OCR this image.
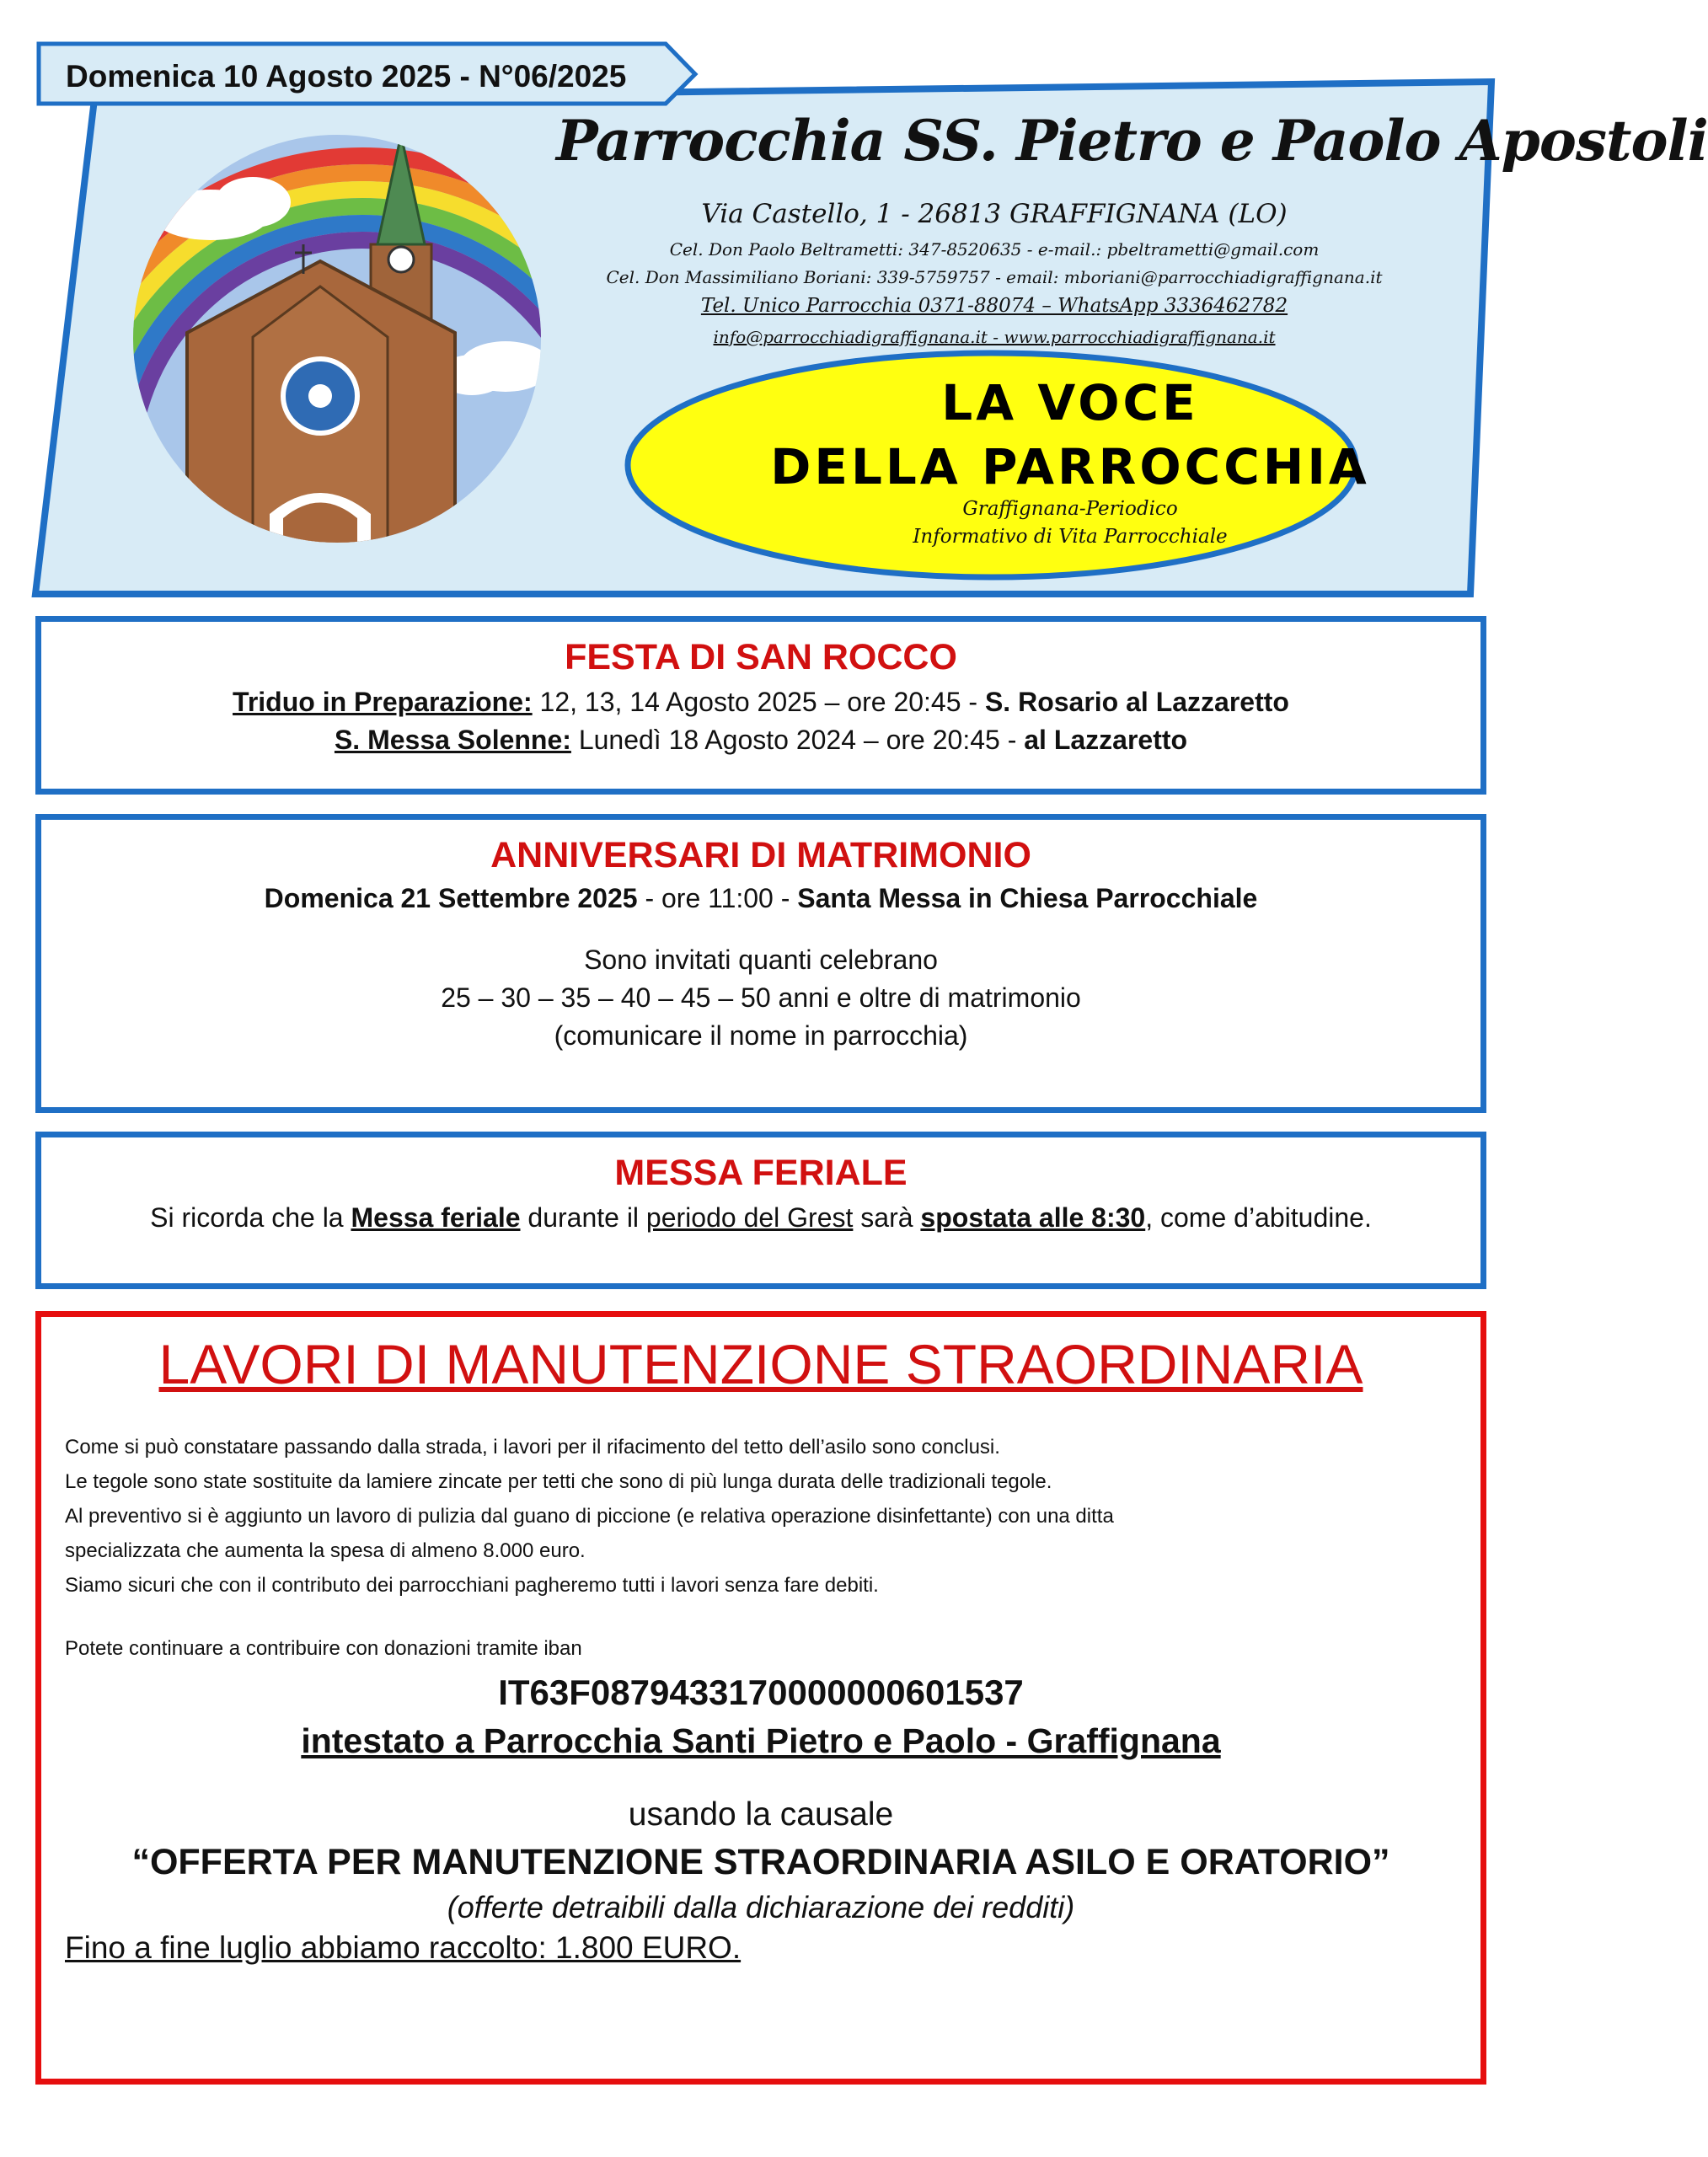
Domenica 10 Agosto 2025 - N°06/2025
Parrocchia SS. Pietro e Paolo Apostoli
Via Castello, 1 - 26813 GRAFFIGNANA (LO)
Cel. Don Paolo Beltrametti: 347-8520635 - e-mail.: pbeltrametti@gmail.com
Cel. Don Massimiliano Boriani: 339-5759757 - email: mboriani@parrocchiadigraffignana.it
Tel. Unico Parrocchia 0371-88074 – WhatsApp 3336462782
info@parrocchiadigraffignana.it - www.parrocchiadigraffignana.it
LA VOCE
DELLA PARROCCHIA
Graffignana-Periodico
Informativo di Vita Parrocchiale
FESTA DI SAN ROCCO
Triduo in Preparazione: 12, 13, 14 Agosto 2025 – ore 20:45 - S. Rosario al Lazzaretto
S. Messa Solenne: Lunedì 18 Agosto 2024 – ore 20:45 - al Lazzaretto
ANNIVERSARI DI MATRIMONIO
Domenica 21 Settembre 2025 - ore 11:00 - Santa Messa in Chiesa Parrocchiale
Sono invitati quanti celebrano
25 – 30 – 35 – 40 – 45 – 50 anni e oltre di matrimonio
(comunicare il nome in parrocchia)
MESSA FERIALE
Si ricorda che la Messa feriale durante il periodo del Grest sarà spostata alle 8:30, come d’abitudine.
LAVORI DI MANUTENZIONE STRAORDINARIA
Come si può constatare passando dalla strada, i lavori per il rifacimento del tetto dell’asilo sono conclusi.
Le tegole sono state sostituite da lamiere zincate per tetti che sono di più lunga durata delle tradizionali tegole.
Al preventivo si è aggiunto un lavoro di pulizia dal guano di piccione (e relativa operazione disinfettante) con una ditta
specializzata che aumenta la spesa di almeno 8.000 euro.
Siamo sicuri che con il contributo dei parrocchiani pagheremo tutti i lavori senza fare debiti.
Potete continuare a contribuire con donazioni tramite iban
IT63F0879433170000000601537
intestato a Parrocchia Santi Pietro e Paolo - Graffignana
usando la causale
“OFFERTA PER MANUTENZIONE STRAORDINARIA ASILO E ORATORIO”
(offerte detraibili dalla dichiarazione dei redditi)
Fino a fine luglio abbiamo raccolto: 1.800 EURO.
